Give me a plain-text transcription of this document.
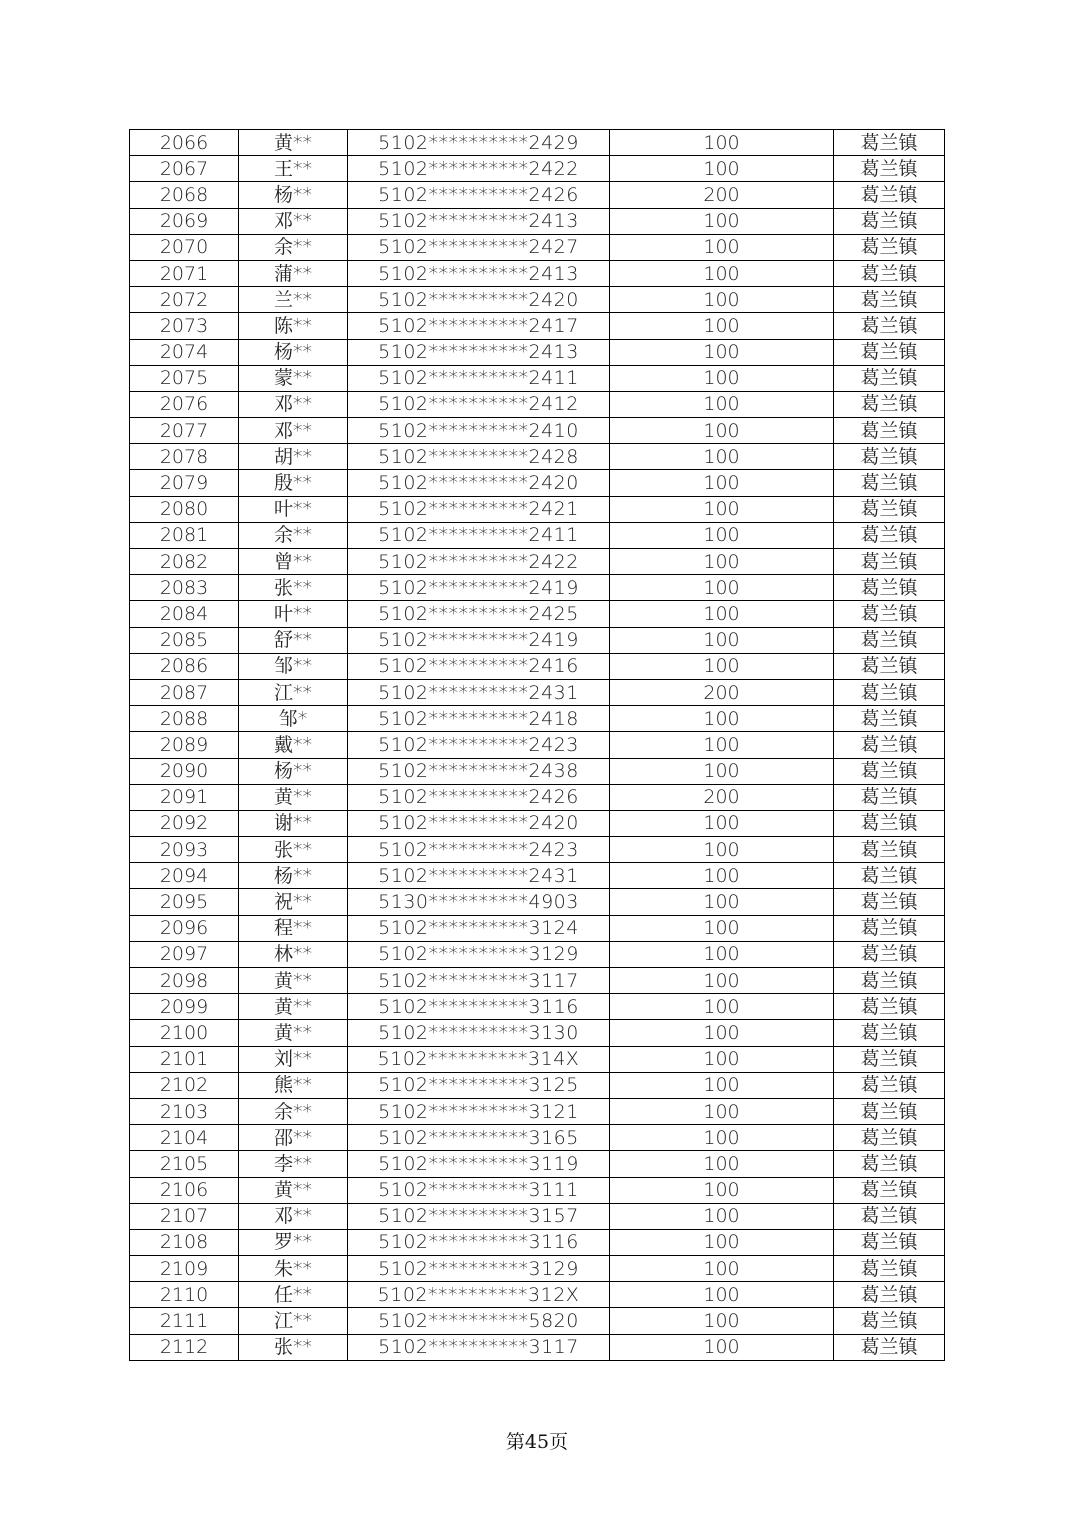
2066	黄**	5102**********2429	100	葛兰镇
2067	王**	5102**********2422	100	葛兰镇
2068	杨**	5102**********2426	200	葛兰镇
2069	邓**	5102**********2413	100	葛兰镇
2070	余**	5102**********2427	100	葛兰镇
2071	蒲**	5102**********2413	100	葛兰镇
2072	兰**	5102**********2420	100	葛兰镇
2073	陈**	5102**********2417	100	葛兰镇
2074	杨**	5102**********2413	100	葛兰镇
2075	蒙**	5102**********2411	100	葛兰镇
2076	邓**	5102**********2412	100	葛兰镇
2077	邓**	5102**********2410	100	葛兰镇
2078	胡**	5102**********2428	100	葛兰镇
2079	殷**	5102**********2420	100	葛兰镇
2080	叶**	5102**********2421	100	葛兰镇
2081	余**	5102**********2411	100	葛兰镇
2082	曾**	5102**********2422	100	葛兰镇
2083	张**	5102**********2419	100	葛兰镇
2084	叶**	5102**********2425	100	葛兰镇
2085	舒**	5102**********2419	100	葛兰镇
2086	邹**	5102**********2416	100	葛兰镇
2087	江**	5102**********2431	200	葛兰镇
2088	邹*	5102**********2418	100	葛兰镇
2089	戴**	5102**********2423	100	葛兰镇
2090	杨**	5102**********2438	100	葛兰镇
2091	黄**	5102**********2426	200	葛兰镇
2092	谢**	5102**********2420	100	葛兰镇
2093	张**	5102**********2423	100	葛兰镇
2094	杨**	5102**********2431	100	葛兰镇
2095	祝**	5130**********4903	100	葛兰镇
2096	程**	5102**********3124	100	葛兰镇
2097	林**	5102**********3129	100	葛兰镇
2098	黄**	5102**********3117	100	葛兰镇
2099	黄**	5102**********3116	100	葛兰镇
2100	黄**	5102**********3130	100	葛兰镇
2101	刘**	5102**********314X	100	葛兰镇
2102	熊**	5102**********3125	100	葛兰镇
2103	余**	5102**********3121	100	葛兰镇
2104	邵**	5102**********3165	100	葛兰镇
2105	李**	5102**********3119	100	葛兰镇
2106	黄**	5102**********3111	100	葛兰镇
2107	邓**	5102**********3157	100	葛兰镇
2108	罗**	5102**********3116	100	葛兰镇
2109	朱**	5102**********3129	100	葛兰镇
2110	任**	5102**********312X	100	葛兰镇
2111	江**	5102**********5820	100	葛兰镇
2112	张**	5102**********3117	100	葛兰镇
第45页
